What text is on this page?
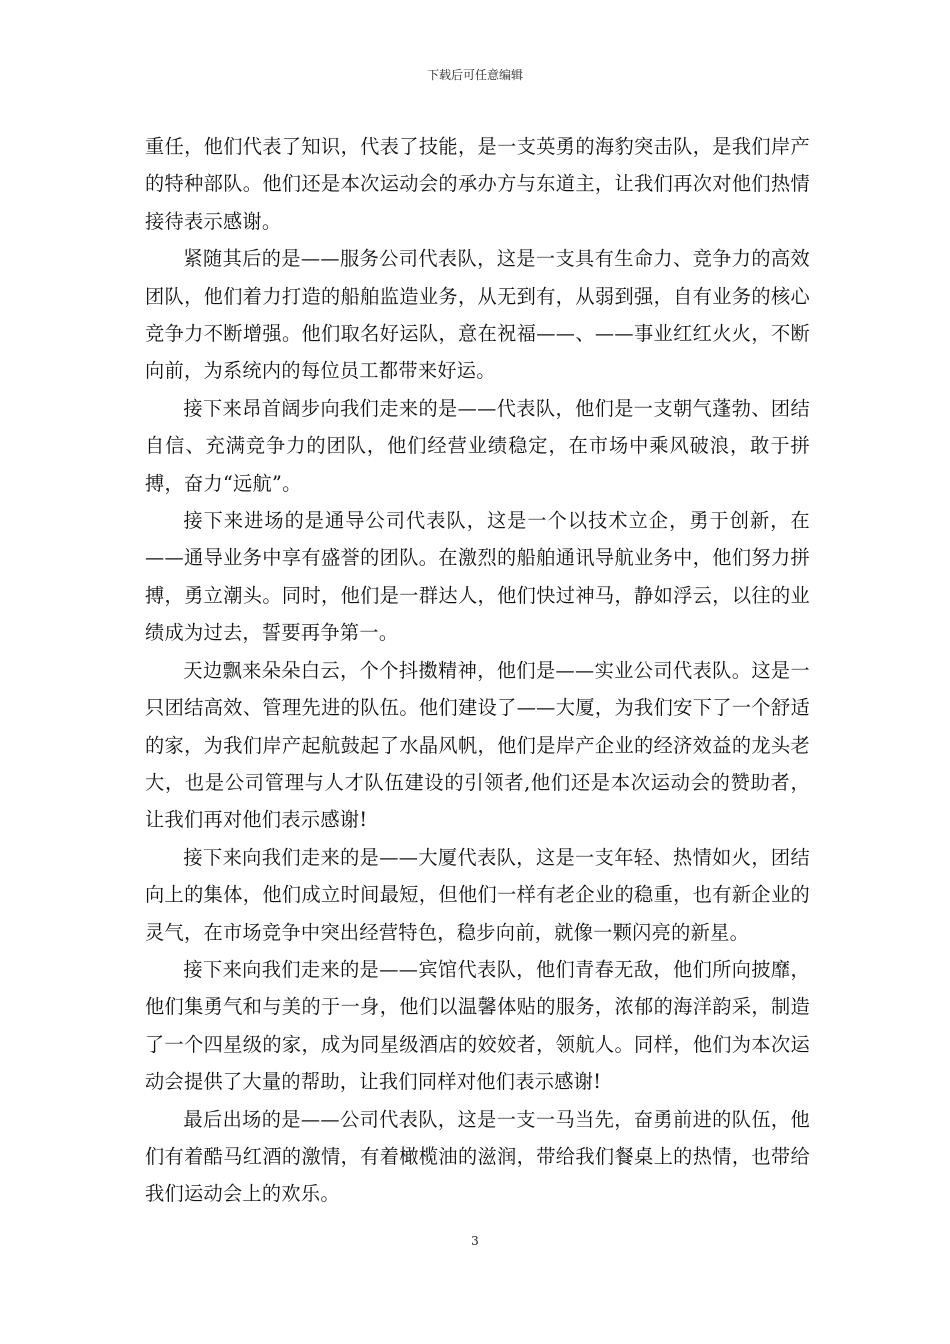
下载后可任意编辑

重任，他们代表了知识，代表了技能，是一支英勇的海豹突击队，是我们岸产的特种部队。他们还是本次运动会的承办方与东道主，让我们再次对他们热情接待表示感谢。

紧随其后的是——服务公司代表队，这是一支具有生命力、竞争力的高效团队，他们着力打造的船舶监造业务，从无到有，从弱到强，自有业务的核心竞争力不断增强。他们取名好运队，意在祝福——、——事业红红火火，不断向前，为系统内的每位员工都带来好运。

接下来昂首阔步向我们走来的是——代表队，他们是一支朝气蓬勃、团结自信、充满竞争力的团队，他们经营业绩稳定，在市场中乘风破浪，敢于拼搏，奋力“远航”。

接下来进场的是通导公司代表队，这是一个以技术立企，勇于创新，在——通导业务中享有盛誉的团队。在激烈的船舶通讯导航业务中，他们努力拼搏，勇立潮头。同时，他们是一群达人，他们快过神马，静如浮云，以往的业绩成为过去，誓要再争第一。

天边飘来朵朵白云，个个抖擞精神，他们是——实业公司代表队。这是一只团结高效、管理先进的队伍。他们建设了——大厦，为我们安下了一个舒适的家，为我们岸产起航鼓起了水晶风帆，他们是岸产企业的经济效益的龙头老大，也是公司管理与人才队伍建设的引领者,他们还是本次运动会的赞助者，让我们再对他们表示感谢!

接下来向我们走来的是——大厦代表队，这是一支年轻、热情如火，团结向上的集体，他们成立时间最短，但他们一样有老企业的稳重，也有新企业的灵气，在市场竞争中突出经营特色，稳步向前，就像一颗闪亮的新星。

接下来向我们走来的是——宾馆代表队，他们青春无敌，他们所向披靡，他们集勇气和与美的于一身，他们以温馨体贴的服务，浓郁的海洋韵采，制造了一个四星级的家，成为同星级酒店的姣姣者，领航人。同样，他们为本次运动会提供了大量的帮助，让我们同样对他们表示感谢!

最后出场的是——公司代表队，这是一支一马当先，奋勇前进的队伍，他们有着酷马红酒的激情，有着橄榄油的滋润，带给我们餐桌上的热情，也带给我们运动会上的欢乐。

3
